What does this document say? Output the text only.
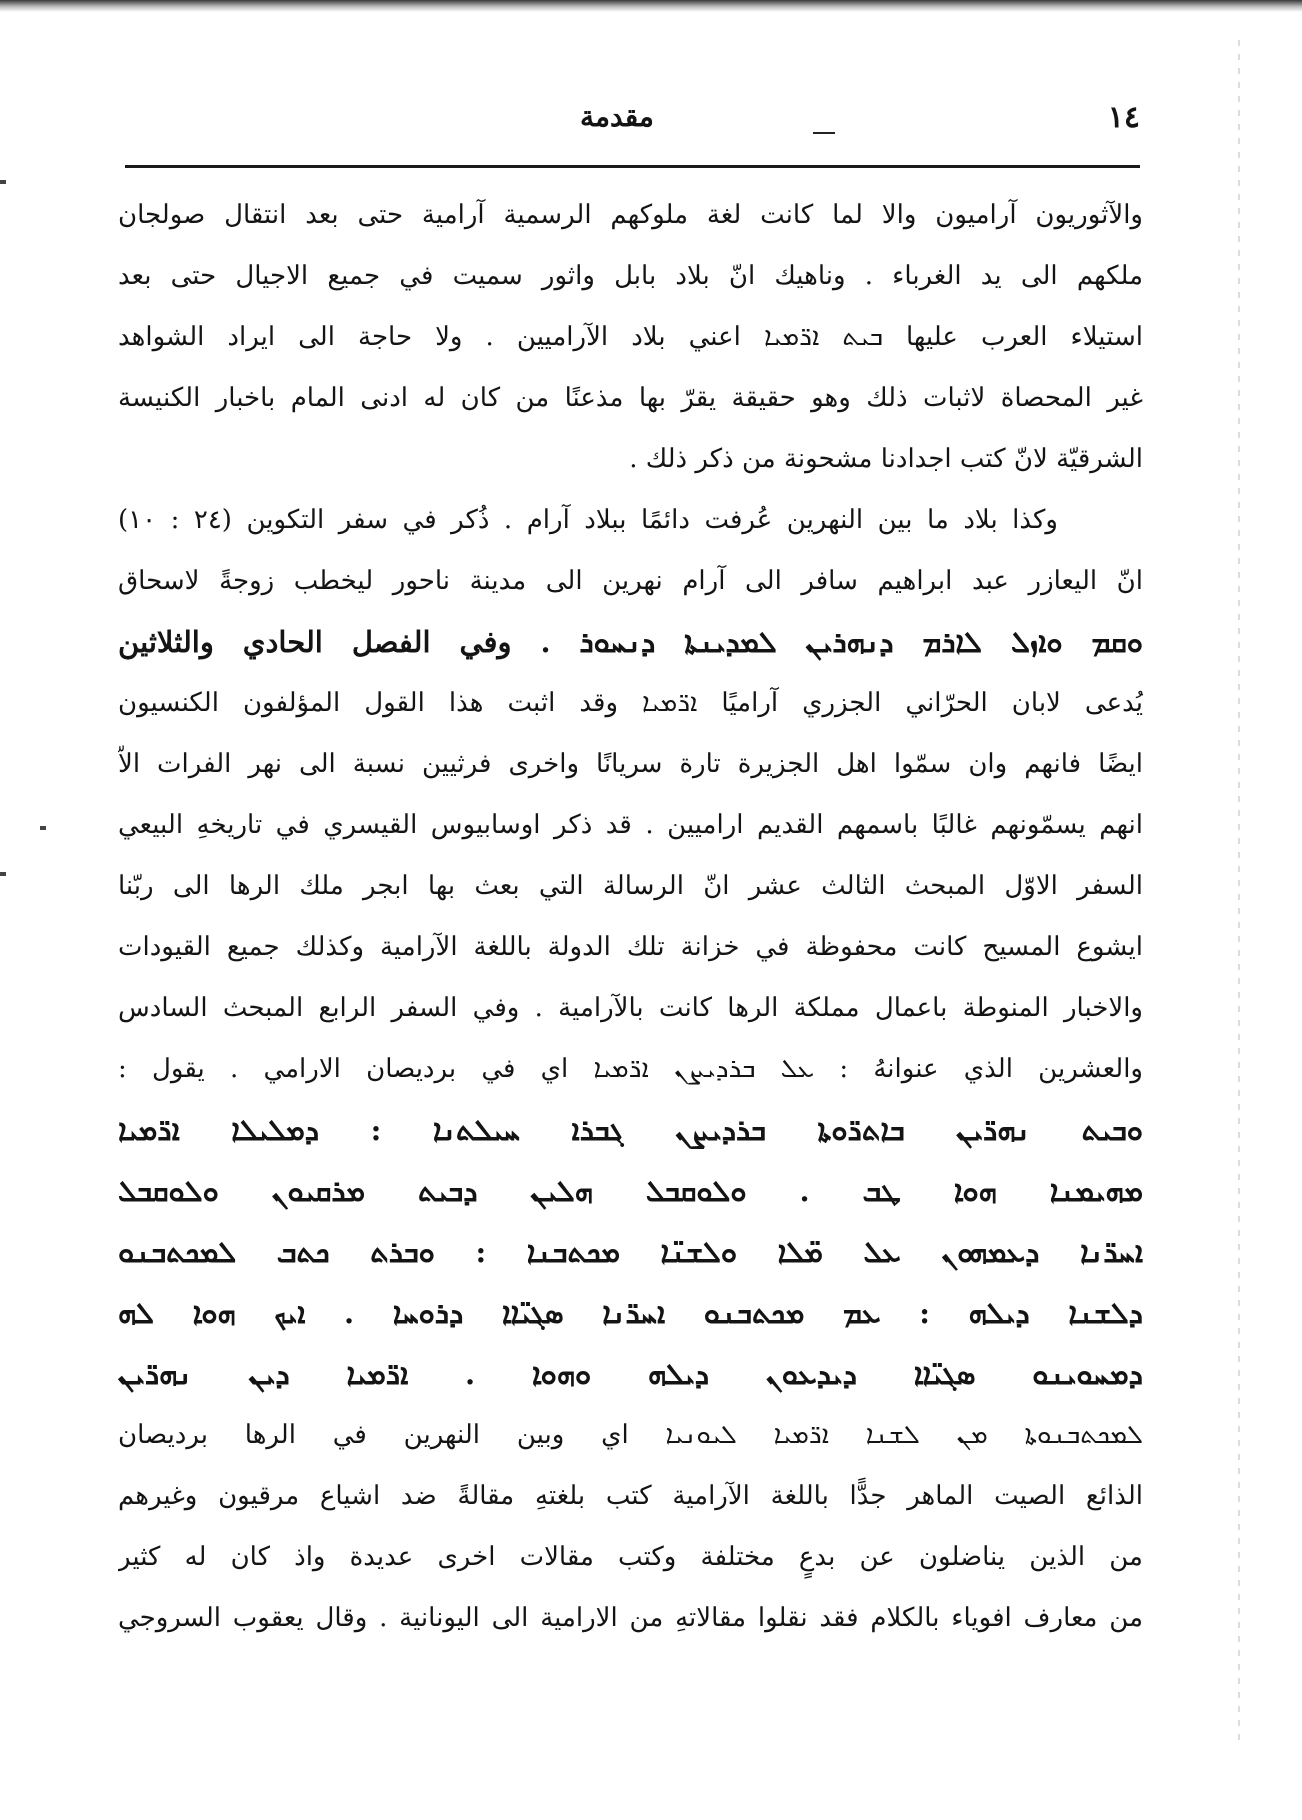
١٤
مقدمة
والآثوريون آراميون والا لما كانت لغة ملوكهم الرسمية آرامية حتى بعد انتقال صولجان
ملكهم الى يد الغرباء . وناهيك انّ بلاد بابل واثور سميت في جميع الاجيال حتى بعد
استيلاء العرب عليها ܒܝܬ ܐܪ̈ܡܝܐ اعني بلاد الآراميين . ولا حاجة الى ايراد الشواهد
غير المحصاة لاثبات ذلك وهو حقيقة يقرّ بها مذعنًا من كان له ادنى المام باخبار الكنيسة
الشرقيّة لانّ كتب اجدادنا مشحونة من ذكر ذلك .
وكذا بلاد ما بين النهرين عُرفت دائمًا ببلاد آرام . ذُكر في سفر التكوين (٢٤ : ١٠)
انّ اليعازر عبد ابراهيم سافر الى آرام نهرين الى مدينة ناحور ليخطب زوجةً لاسحاق
ܘܩܡ ܘܐܙܠ ܠܐܪܡ ܕܢܗܪܝܢ ܠܡܕܝܢܬܐ ܕܢܚܘܪ . وفي الفصل الحادي والثلاثين
يُدعى لابان الحرّاني الجزري آراميًا ܐܪ̈ܡܝܐ وقد اثبت هذا القول المؤلفون الكنسيون
ايضًا فانهم وان سمّوا اهل الجزيرة تارة سريانًا واخرى فرثيين نسبة الى نهر الفرات الاّ
انهم يسمّونهم غالبًا باسمهم القديم ارامیین . قد ذكر اوسابيوس القيسري في تاريخهِ البيعي
السفر الاوّل المبحث الثالث عشر انّ الرسالة التي بعث بها ابجر ملك الرها الى ربّنا
ايشوع المسيح كانت محفوظة في خزانة تلك الدولة باللغة الآرامية وكذلك جميع القيودات
والاخبار المنوطة باعمال مملكة الرها كانت بالآرامية . وفي السفر الرابع المبحث السادس
والعشرين الذي عنوانهُ : ܥܠ ܒܪܕܝܨܢ ܐܪ̈ܡܝܐ اي في بردیصان الارامي . يقول :
ܘܒܝܬ ܢܗܪ̈ܝܢ ܒܐܬܪ̈ܘܬܐ ܒܪܕܝܨܢ ܓܒܪܐ ܚܝܠܬܢܐ : ܕܡܠܝܠܐ ܐܪ̈ܡܝܐ
ܡܗܝܡܢܐ ܗܘܐ ܛܒ . ܘܠܘܩܒܠ ܗܠܝܢ ܕܒܝܬ ܡܪܩܝܘܢ ܘܠܘܩܒܠ
ܐܚܪ̈ܢܐ ܕܥܡܗܘܢ ܥܠ ܡ̈ܠܐ ܘܠܫܢ̈ܐ ܡܟܬܒܢܐ : ܘܒܪܬ ܟܬܒ ܠܡܟܬܒܢܘ
ܕܠܫܢܐ ܕܝܠܗ : ܥܡ ܡܟܬܒܢܘ ܐܚܪ̈ܢܐ ܣܓܝ̈ܐܐ ܕܪܘܚܐ . ܐܝܟ ܗܘܐ ܠܗ
ܕܡܚܘܝܢܘ ܣܓܝ̈ܐܐ ܕܝܕܥܘܢ ܕܝܠܗ ܘܗܘܐ . ܐܪ̈ܡܝܐ ܕܝܢ ܢܗܪ̈ܝܢ
ܠܡܟܬܒܢܘܬܐ ܡܢ ܠܫܢܐ ܐܪ̈ܡܝܐ ܠܝܘܢܝܐ اي وبين النهرين في الرها برديصان
الذائع الصيت الماهر جدًّا باللغة الآرامية كتب بلغتهِ مقالةً ضد اشياع مرقیون وغيرهم
من الذين يناضلون عن بدعٍ مختلفة وكتب مقالات اخرى عديدة واذ كان له كثير
من معارف افوياء بالكلام فقد نقلوا مقالاتهِ من الارامية الى اليونانية . وقال يعقوب السروجي
